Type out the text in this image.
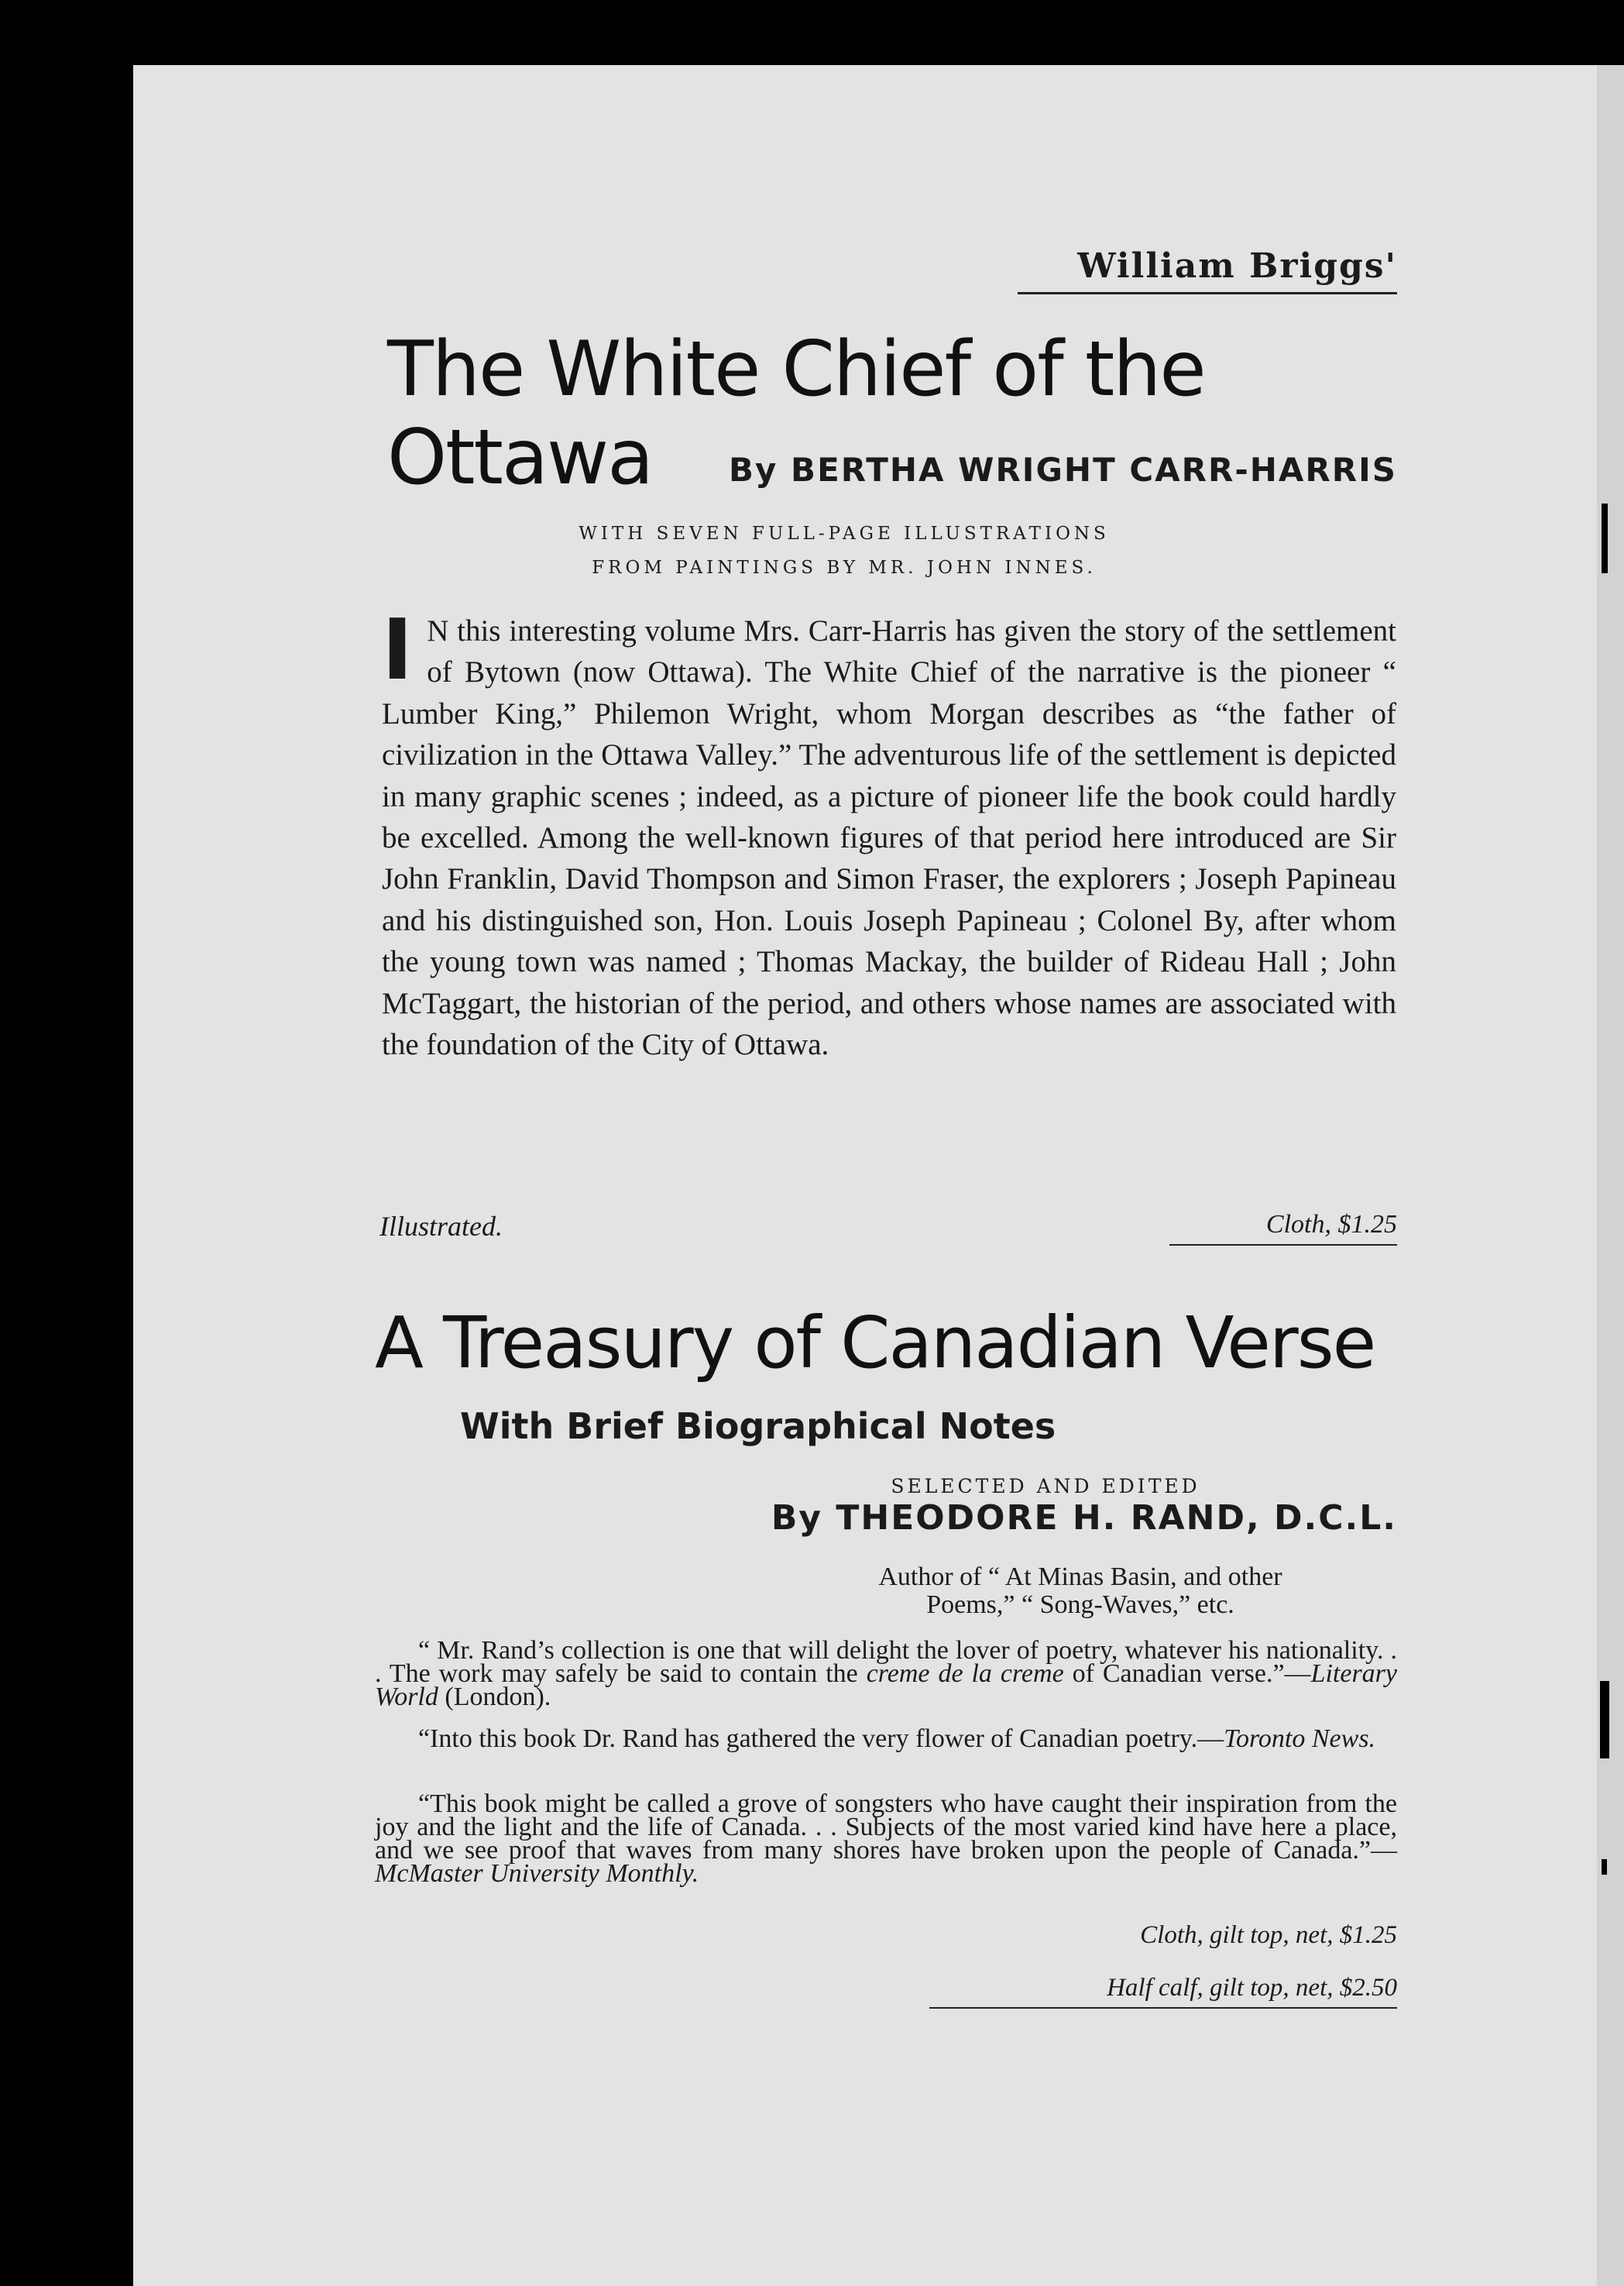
William Briggs'
The White Chief of the Ottawa	By BERTHA WRIGHT CARR-HARRIS
WITH SEVEN FULL-PAGE ILLUSTRATIONS
FROM PAINTINGS BY MR. JOHN INNES.
I N this interesting volume Mrs. Carr-Harris has given the story of the settlement of Bytown (now Ottawa). The White Chief of the narrative is the pioneer “ Lumber King,” Philemon Wright, whom Morgan describes as “the father of civilization in the Ottawa Valley.” The adventurous life of the settlement is depicted in many graphic scenes ; indeed, as a picture of pioneer life the book could hardly be excelled. Among the well-known figures of that period here introduced are Sir John Franklin, David Thompson and Simon Fraser, the explorers ; Joseph Papineau and his distinguished son, Hon. Louis Joseph Papineau ; Colonel By, after whom the young town was named ; Thomas Mackay, the builder of Rideau Hall ; John McTaggart, the historian of the period, and others whose names are associated with the foundation of the City of Ottawa.
Illustrated.	Cloth, $1.25
A Treasury of Canadian Verse
With Brief Biographical Notes
SELECTED AND EDITED
By THEODORE H. RAND, D.C.L.
Author of “ At Minas Basin, and other
Poems,” “ Song-Waves,” etc.

“ Mr. Rand’s collection is one that will delight the lover of poetry, whatever his nationality. . . The work may safely be said to contain the creme de la creme of Canadian verse.”—Literary World (London).

“Into this book Dr. Rand has gathered the very flower of Canadian poetry.—Toronto News.

“This book might be called a grove of songsters who have caught their inspiration from the joy and the light and the life of Canada. . . Subjects of the most varied kind have here a place, and we see proof that waves from many shores have broken upon the people of Canada.”—McMaster University Monthly.

Cloth, gilt top, net, $1.25
Half calf, gilt top, net, $2.50
